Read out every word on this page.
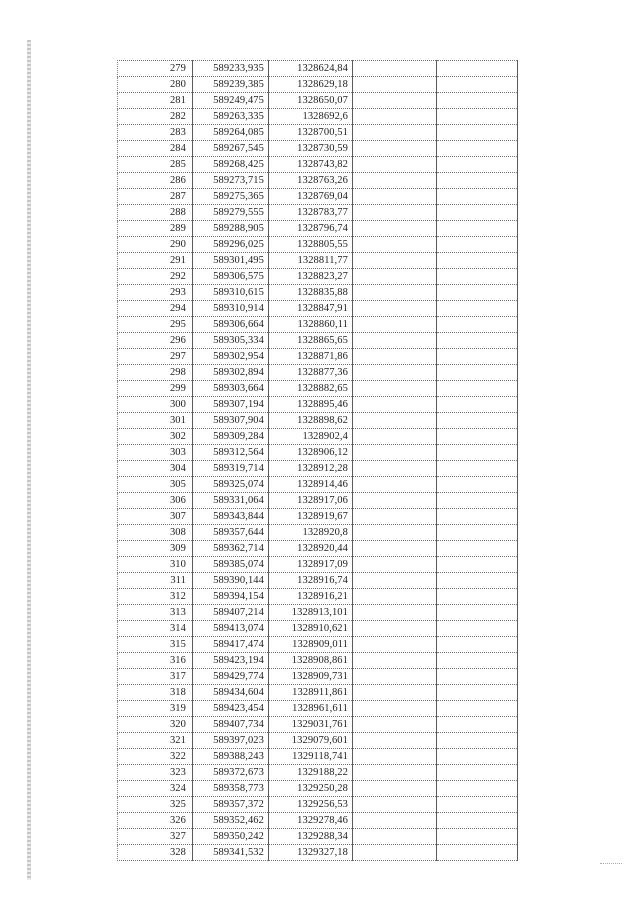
279	589233,935	1328624,84		
280	589239,385	1328629,18		
281	589249,475	1328650,07		
282	589263,335	1328692,6		
283	589264,085	1328700,51		
284	589267,545	1328730,59		
285	589268,425	1328743,82		
286	589273,715	1328763,26		
287	589275,365	1328769,04		
288	589279,555	1328783,77		
289	589288,905	1328796,74		
290	589296,025	1328805,55		
291	589301,495	1328811,77		
292	589306,575	1328823,27		
293	589310,615	1328835,88		
294	589310,914	1328847,91		
295	589306,664	1328860,11		
296	589305,334	1328865,65		
297	589302,954	1328871,86		
298	589302,894	1328877,36		
299	589303,664	1328882,65		
300	589307,194	1328895,46		
301	589307,904	1328898,62		
302	589309,284	1328902,4		
303	589312,564	1328906,12		
304	589319,714	1328912,28		
305	589325,074	1328914,46		
306	589331,064	1328917,06		
307	589343,844	1328919,67		
308	589357,644	1328920,8		
309	589362,714	1328920,44		
310	589385,074	1328917,09		
311	589390,144	1328916,74		
312	589394,154	1328916,21		
313	589407,214	1328913,101		
314	589413,074	1328910,621		
315	589417,474	1328909,011		
316	589423,194	1328908,861		
317	589429,774	1328909,731		
318	589434,604	1328911,861		
319	589423,454	1328961,611		
320	589407,734	1329031,761		
321	589397,023	1329079,601		
322	589388,243	1329118,741		
323	589372,673	1329188,22		
324	589358,773	1329250,28		
325	589357,372	1329256,53		
326	589352,462	1329278,46		
327	589350,242	1329288,34		
328	589341,532	1329327,18		
